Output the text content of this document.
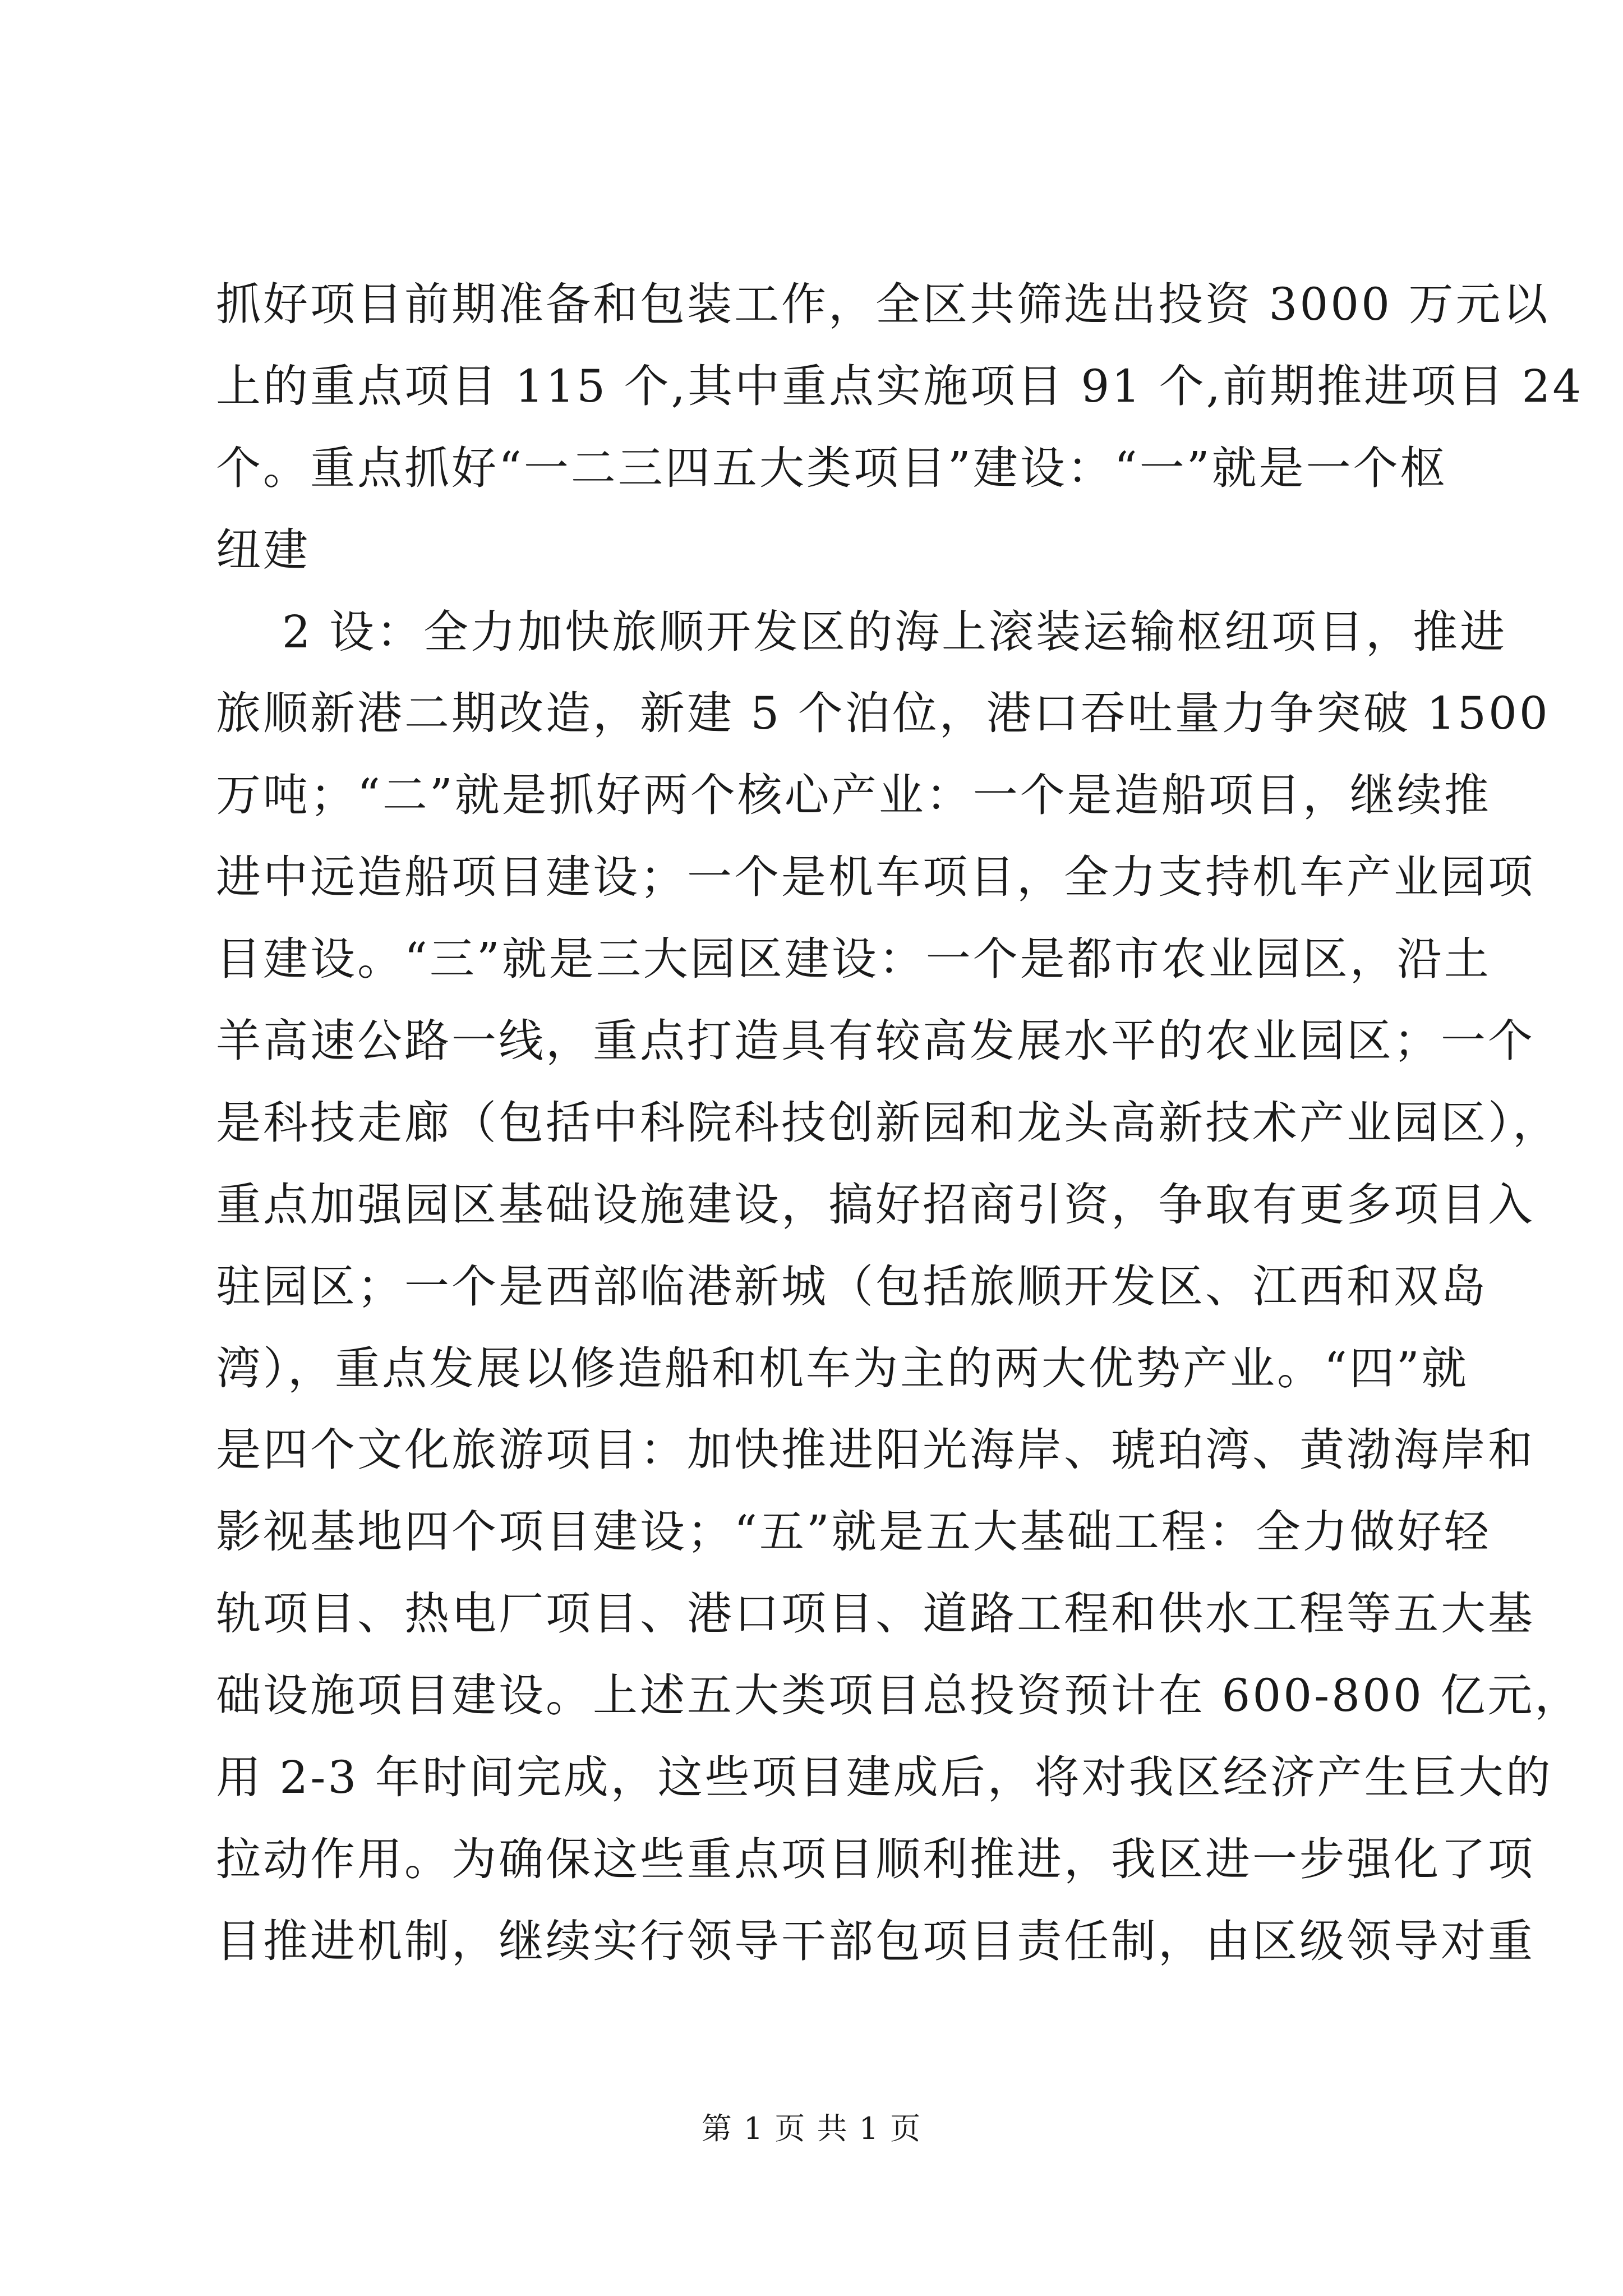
抓好项目前期准备和包装工作，全区共筛选出投资 3000 万元以
上的重点项目 115 个,其中重点实施项目 91 个,前期推进项目 24
个。重点抓好“一二三四五大类项目”建设：“一”就是一个枢
纽建
2 设：全力加快旅顺开发区的海上滚装运输枢纽项目，推进
旅顺新港二期改造，新建 5 个泊位，港口吞吐量力争突破 1500
万吨；“二”就是抓好两个核心产业：一个是造船项目，继续推
进中远造船项目建设；一个是机车项目，全力支持机车产业园项
目建设。“三”就是三大园区建设：一个是都市农业园区，沿土
羊高速公路一线，重点打造具有较高发展水平的农业园区；一个
是科技走廊（包括中科院科技创新园和龙头高新技术产业园区），
重点加强园区基础设施建设，搞好招商引资，争取有更多项目入
驻园区；一个是西部临港新城（包括旅顺开发区、江西和双岛
湾），重点发展以修造船和机车为主的两大优势产业。“四”就
是四个文化旅游项目：加快推进阳光海岸、琥珀湾、黄渤海岸和
影视基地四个项目建设；“五”就是五大基础工程：全力做好轻
轨项目、热电厂项目、港口项目、道路工程和供水工程等五大基
础设施项目建设。上述五大类项目总投资预计在 600-800 亿元，
用 2-3 年时间完成，这些项目建成后，将对我区经济产生巨大的
拉动作用。为确保这些重点项目顺利推进，我区进一步强化了项
目推进机制，继续实行领导干部包项目责任制，由区级领导对重
第 1 页 共 1 页
